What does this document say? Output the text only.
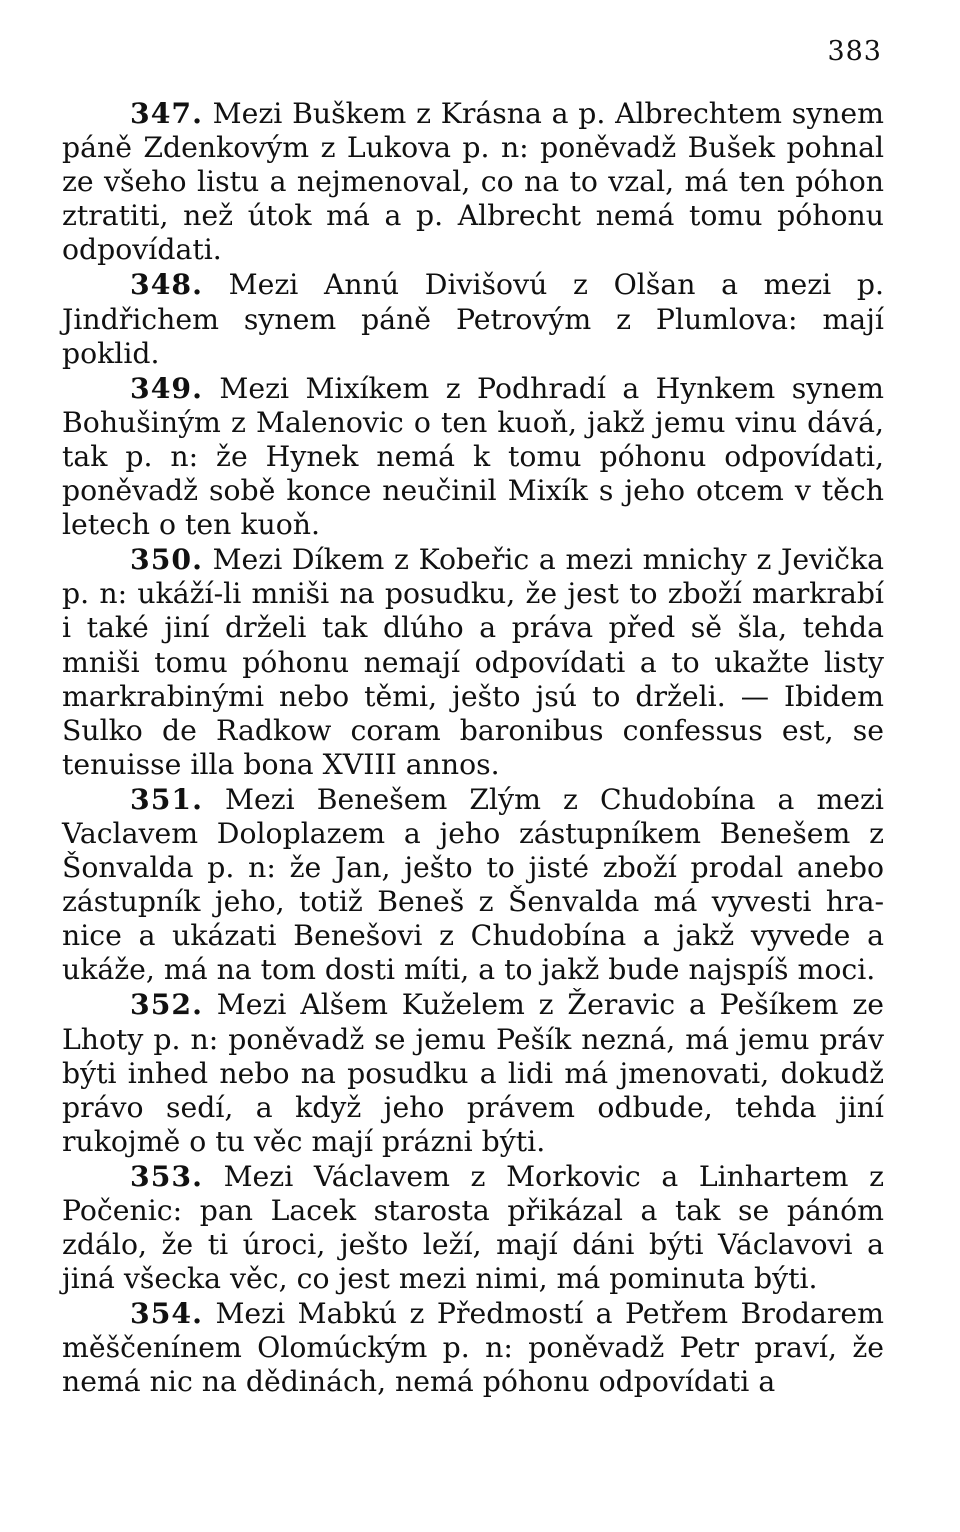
383

347. Mezi Buškem z Krásna a p. Albrechtem synem páně Zdenkovým z Lukova p. n: poněvadž Bušek pohnal ze všeho listu a nejmenoval, co na to vzal, má ten póhon ztratiti, než útok má a p. Albrecht nemá tomu póhonu odpovídati.

348. Mezi Annú Divišovú z Olšan a mezi p. Jindřichem synem páně Petrovým z Plumlova: mají poklid.

349. Mezi Mixíkem z Podhradí a Hynkem synem Bohušiným z Malenovic o ten kuoň, jakž jemu vinu dává, tak p. n: že Hynek nemá k tomu póhonu odpovídati, poněvadž sobě konce neučinil Mixík s jeho otcem v těch letech o ten kuoň.

350. Mezi Díkem z Kobeřic a mezi mnichy z Jevička p. n: ukáží-li mniši na posudku, že jest to zboží markrabí i také jiní drželi tak dlúho a práva před sě šla, tehda mniši tomu póhonu nemají odpovídati a to ukažte listy markrabinými nebo těmi, ješto jsú to drželi. — Ibidem Sulko de Radkow coram baronibus confessus est, se tenuisse illa bona XVIII annos.

351. Mezi Benešem Zlým z Chudobína a mezi Vaclavem Doloplazem a jeho zástupníkem Benešem z Šonvalda p. n: že Jan, ješto to jisté zboží prodal anebo zástupník jeho, totiž Beneš z Šenvalda má vyvesti hranice a ukázati Benešovi z Chudobína a jakž vyvede a ukáže, má na tom dosti míti, a to jakž bude najspíš moci.

352. Mezi Alšem Kuželem z Žeravic a Pešíkem ze Lhoty p. n: poněvadž se jemu Pešík nezná, má jemu práv býti inhed nebo na posudku a lidi má jmenovati, dokudž právo sedí, a když jeho právem odbude, tehda jiní rukojmě o tu věc mají prázni býti.

353. Mezi Václavem z Morkovic a Linhartem z Počenic: pan Lacek starosta přikázal a tak se pánóm zdálo, že ti úroci, ješto leží, mají dáni býti Václavovi a jiná všecka věc, co jest mezi nimi, má pominuta býti.

354. Mezi Mabkú z Předmostí a Petřem Brodarem měščenínem Olomúckým p. n: poněvadž Petr praví, že nemá nic na dědinách, nemá póhonu odpovídati a
